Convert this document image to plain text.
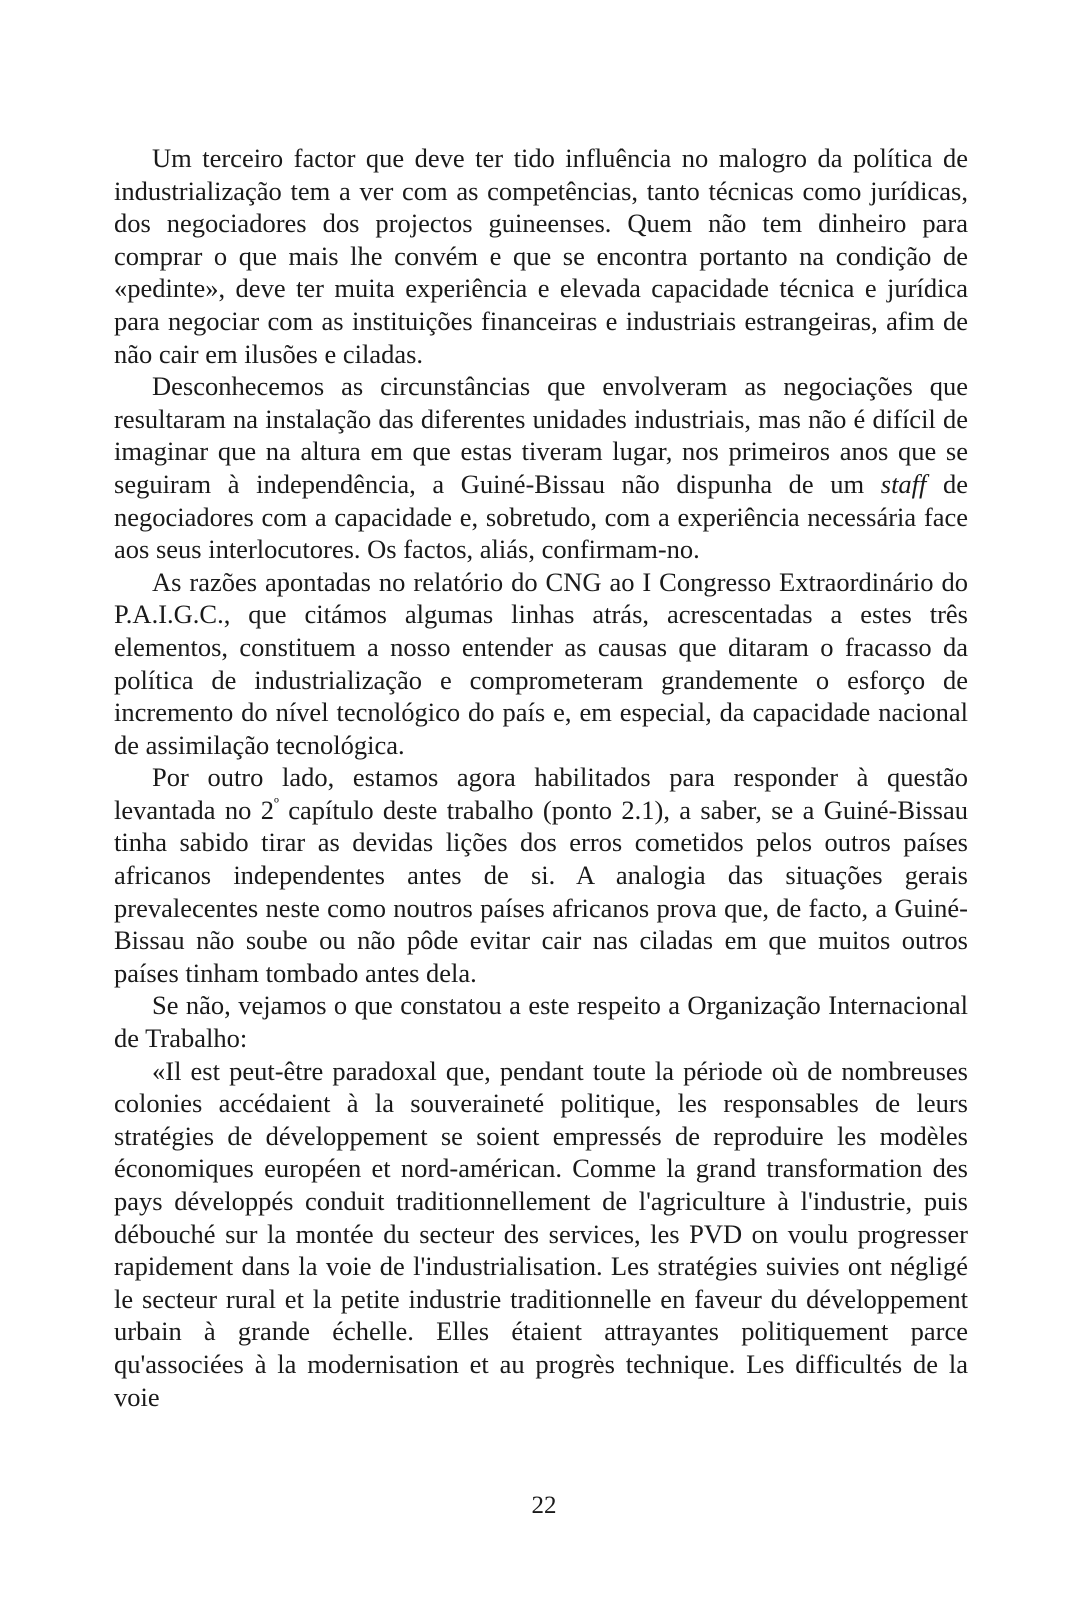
Um terceiro factor que deve ter tido influência no malogro da política de industrialização tem a ver com as competências, tanto técnicas como jurídicas, dos negociadores dos projectos guineenses. Quem não tem dinheiro para comprar o que mais lhe convém e que se encontra portanto na condição de «pedinte», deve ter muita experiência e elevada capacidade técnica e jurídica para negociar com as instituições financeiras e industriais estrangeiras, afim de não cair em ilusões e ciladas.

Desconhecemos as circunstâncias que envolveram as negociações que resultaram na instalação das diferentes unidades industriais, mas não é difícil de imaginar que na altura em que estas tiveram lugar, nos primeiros anos que se seguiram à independência, a Guiné-Bissau não dispunha de um staff de negociadores com a capacidade e, sobretudo, com a experiência necessária face aos seus interlocutores. Os factos, aliás, confirmam-no.

As razões apontadas no relatório do CNG ao I Congresso Extraordinário do P.A.I.G.C., que citámos algumas linhas atrás, acrescentadas a estes três elementos, constituem a nosso entender as causas que ditaram o fracasso da política de industrialização e comprometeram grandemente o esforço de incremento do nível tecnológico do país e, em especial, da capacidade nacional de assimilação tecnológica.

Por outro lado, estamos agora habilitados para responder à questão levantada no $2^º$ capítulo deste trabalho (ponto 2.1), a saber, se a Guiné-Bissau tinha sabido tirar as devidas lições dos erros cometidos pelos outros países africanos independentes antes de si. A analogia das situações gerais prevalecentes neste como noutros países africanos prova que, de facto, a Guiné-Bissau não soube ou não pôde evitar cair nas ciladas em que muitos outros países tinham tombado antes dela.

Se não, vejamos o que constatou a este respeito a Organização Internacional de Trabalho:

«Il est peut-être paradoxal que, pendant toute la période où de nombreuses colonies accédaient à la souveraineté politique, les responsables de leurs stratégies de développement se soient empressés de reproduire les modèles économiques européen et nord-américan. Comme la grand transformation des pays développés conduit traditionnellement de l'agriculture à l'industrie, puis débouché sur la montée du secteur des services, les PVD on voulu progresser rapidement dans la voie de l'industrialisation. Les stratégies suivies ont négligé le secteur rural et la petite industrie traditionnelle en faveur du développement urbain à grande échelle. Elles étaient attrayantes politiquement parce qu'associées à la modernisation et au progrès technique. Les difficultés de la voie

22
